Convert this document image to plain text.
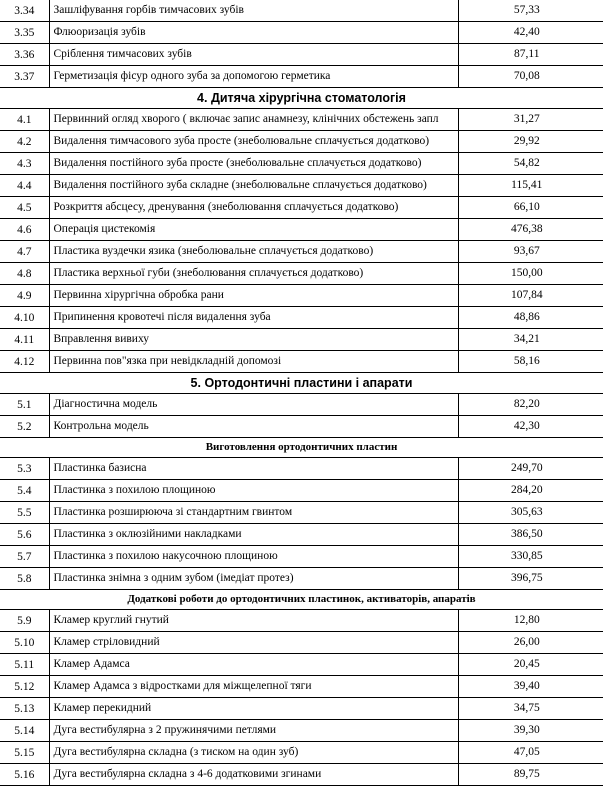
3.34	Зашліфування горбів тимчасових зубів	57,33
3.35	Флюоризація зубів	42,40
3.36	Сріблення тимчасових зубів	87,11
3.37	Герметизація фісур одного зуба за допомогою герметика	70,08
4. Дитяча хірургічна стоматологія		
4.1	Первинний огляд хворого ( включає запис анамнезу, клінічних обстежень запл	31,27
4.2	Видалення тимчасового зуба просте (знеболювальне сплачується додатково)	29,92
4.3	Видалення постійного зуба просте (знеболювальне сплачується додатково)	54,82
4.4	Видалення постійного зуба складне (знеболювальне сплачується додатково)	115,41
4.5	Розкриття абсцесу, дренування (знеболювання сплачується додатково)	66,10
4.6	Операція цистекомія	476,38
4.7	Пластика вуздечки язика (знеболювальне сплачується додатково)	93,67
4.8	Пластика верхньої губи (знеболювання сплачується додатково)	150,00
4.9	Первинна хірургічна обробка рани	107,84
4.10	Припинення кровотечі після видалення зуба	48,86
4.11	Вправлення вивиху	34,21
4.12	Первинна пов"язка при невідкладній допомозі	58,16
5. Ортодонтичні пластини і апарати		
5.1	Діагностична модель	82,20
5.2	Контрольна модель	42,30
Виготовлення ортодонтичних пластин		
5.3	Пластинка базисна	249,70
5.4	Пластинка з похилою площиною	284,20
5.5	Пластинка розширююча зі стандартним гвинтом	305,63
5.6	Пластинка з оклюзійними накладками	386,50
5.7	Пластинка з похилою накусочною площиною	330,85
5.8	Пластинка знімна з одним зубом (імедіат протез)	396,75
Додаткові роботи до ортодонтичних пластинок, активаторів, апаратів		
5.9	Кламер круглий гнутий	12,80
5.10	Кламер стріловидний	26,00
5.11	Кламер Адамса	20,45
5.12	Кламер Адамса з відростками для міжщелепної тяги	39,40
5.13	Кламер перекидний	34,75
5.14	Дуга вестибулярна з 2 пружинячими петлями	39,30
5.15	Дуга вестибулярна складна (з тиском на один зуб)	47,05
5.16	Дуга вестибулярна складна з 4-6 додатковими згинами	89,75
